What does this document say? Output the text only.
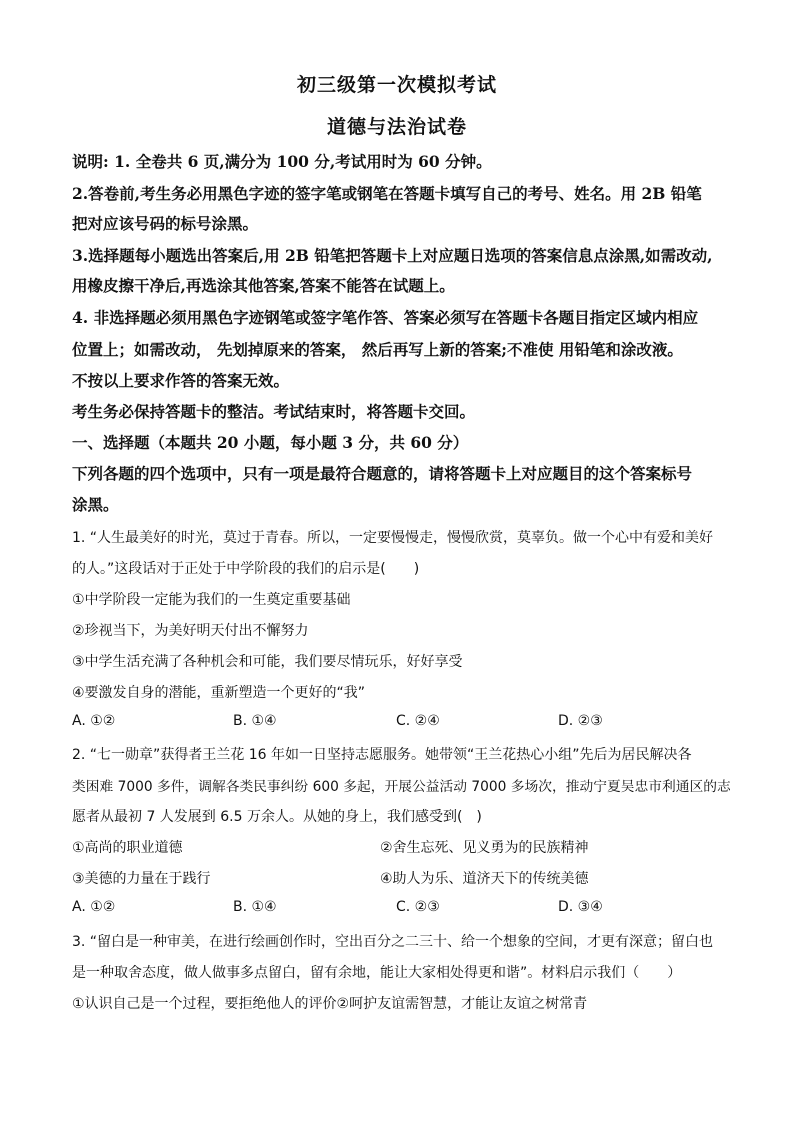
初三级第一次模拟考试
道德与法治试卷
说明: 1. 全卷共 6 页,满分为 100 分,考试用时为 60 分钟。
2.答卷前,考生务必用黑色字迹的签字笔或钢笔在答题卡填写自己的考号、姓名。用 2B 铅笔
把对应该号码的标号涂黑。
3.选择题每小题选出答案后,用 2B 铅笔把答题卡上对应题日选项的答案信息点涂黑,如需改动,
用橡皮擦干净后,再选涂其他答案,答案不能答在试题上。
4. 非选择题必须用黑色字迹钢笔或签字笔作答、答案必须写在答题卡各题目指定区域内相应
位置上；如需改动， 先划掉原来的答案， 然后再写上新的答案;不准使 用铅笔和涂改液。
不按以上要求作答的答案无效。
考生务必保持答题卡的整洁。考试结束时，将答题卡交回。
一、选择题（本题共 20 小题，每小题 3 分，共 60 分）
下列各题的四个选项中，只有一项是最符合题意的，请将答题卡上对应题目的这个答案标号
涂黑。
1. “人生最美好的时光，莫过于青春。所以，一定要慢慢走，慢慢欣赏，莫辜负。做一个心中有爱和美好
的人。”这段话对于正处于中学阶段的我们的启示是(　　)
①中学阶段一定能为我们的一生奠定重要基础
②珍视当下，为美好明天付出不懈努力
③中学生活充满了各种机会和可能，我们要尽情玩乐，好好享受
④要激发自身的潜能，重新塑造一个更好的“我”
A. ①②	B. ①④	C. ②④	D. ②③
2. “七一勋章”获得者王兰花 16 年如一日坚持志愿服务。她带领“王兰花热心小组”先后为居民解决各
类困难 7000 多件，调解各类民事纠纷 600 多起，开展公益活动 7000 多场次，推动宁夏吴忠市利通区的志
愿者从最初 7 人发展到 6.5 万余人。从她的身上，我们感受到(　)
①高尚的职业道德	②舍生忘死、见义勇为的民族精神
③美德的力量在于践行	④助人为乐、道济天下的传统美德
A. ①②	B. ①④	C. ②③	D. ③④
3. “留白是一种审美，在进行绘画创作时，空出百分之二三十、给一个想象的空间，才更有深意；留白也
是一种取舍态度，做人做事多点留白，留有余地，能让大家相处得更和谐”。材料启示我们（　　）
①认识自己是一个过程，要拒绝他人的评价②呵护友谊需智慧，才能让友谊之树常青
